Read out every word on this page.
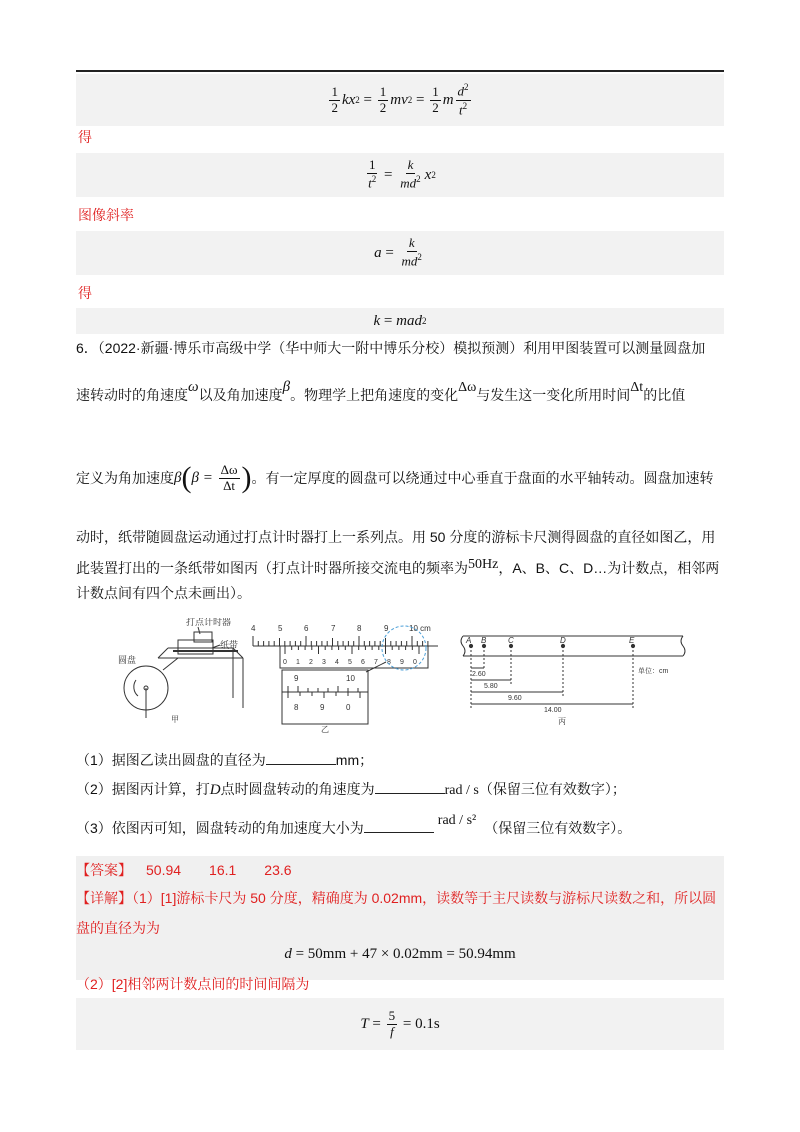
$\frac{1}{2}$ kx $2 = \frac{1}{2}$ mv $2 = \frac{1}{2}$ m $\frac{d^2}{t^2}$
得
$\frac{1}{t^2} = \frac{k}{md^2}$ x 2
图像斜率
$a = \frac{k}{md^2}$
得
k = mad 2
6．（2022·新疆·博乐市高级中学（华中师大一附中博乐分校）模拟预测）利用甲图装置可以测量圆盘加
速转动时的角速度ω以及角加速度β。物理学上把角速度的变化Δω与发生这一变化所用时间Δt的比值
定义为角加速度 β ( $\beta = \frac{\Delta\omega}{\Delta t}$ ) 。有一定厚度的圆盘可以绕通过中心垂直于盘面的水平轴转动。圆盘加速转
动时，纸带随圆盘运动通过打点计时器打上一系列点。用 50 分度的游标卡尺测得圆盘的直径如图乙，用
此装置打出的一条纸带如图丙（打点计时器所接交流电的频率为50Hz，A、B、C、D…为计数点，相邻两
计数点间有四个点未画出）。
打点计时器
纸带
圆盘
甲
4	5	6	7	8	9	10 cm
0 1 2 3 4 5 6 7 8 9 0
9	10
8	9	0
乙
A B	C	D	E
2.60
5.80
9.60
14.00
单位：cm
丙
（1）据图乙读出圆盘的直径为	mm；
（2）据图丙计算，打D点时圆盘转动的角速度为	rad / s（保留三位有效数字）；
（3）依图丙可知，圆盘转动的角加速度大小为	rad / s² （保留三位有效数字）。
【答案】 50.94　　16.1　　23.6
【详解】（1）[1]游标卡尺为 50 分度，精确度为 0.02mm，读数等于主尺读数与游标尺读数之和，所以圆
盘的直径为为
d = 50mm + 47 × 0.02mm = 50.94mm
（2）[2]相邻两计数点间的时间间隔为
$T = \frac{5}{f} = 0.1s$
